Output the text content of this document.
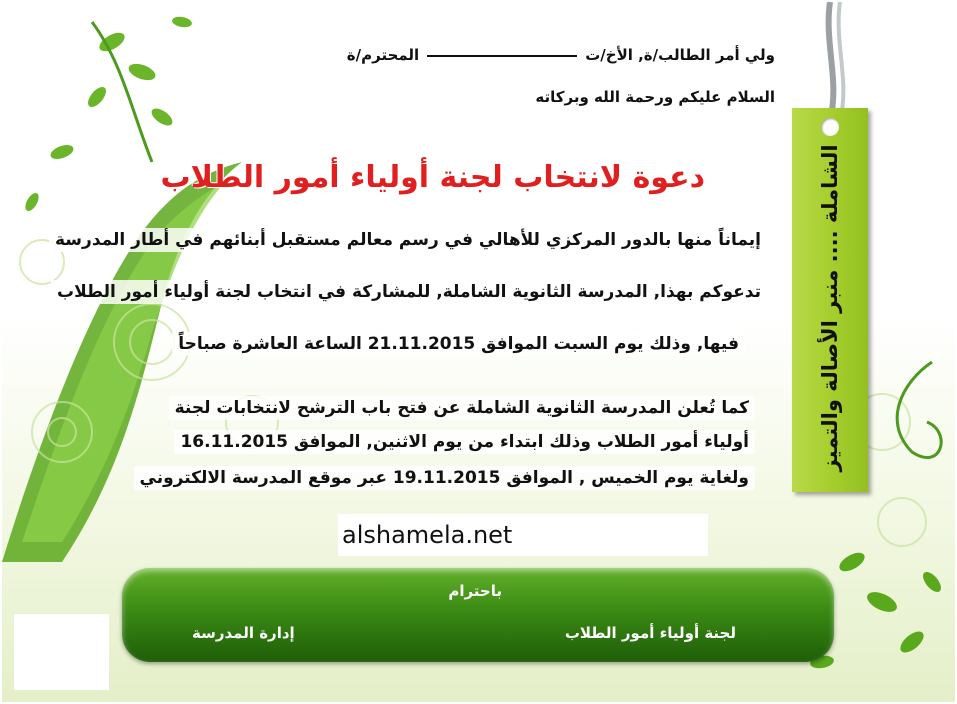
ولي أمر الطالب/ة, الأخ/تالمحترم/ة
السلام عليكم ورحمة الله وبركاته
دعوة لانتخاب لجنة أولياء أمور الطلاب
إيماناً منها بالدور المركزي للأهالي في رسم معالم مستقبل أبنائهم في أطار المدرسة
تدعوكم بهذا, المدرسة الثانوية الشاملة, للمشاركة في انتخاب لجنة أولياء أمور الطلاب
فيها, وذلك يوم السبت الموافق 21.11.2015 الساعة العاشرة صباحاً
كما تُعلن المدرسة الثانوية الشاملة عن فتح باب الترشح لانتخابات لجنة
أولياء أمور الطلاب وذلك ابتداء من يوم الاثنين, الموافق 16.11.2015
ولغاية يوم الخميس , الموافق 19.11.2015 عبر موقع المدرسة الالكتروني
alshamela.net
الشاملة .... منبر الأصالة والتميز
باحترام
لجنة أولياء أمور الطلاب
إدارة المدرسة
